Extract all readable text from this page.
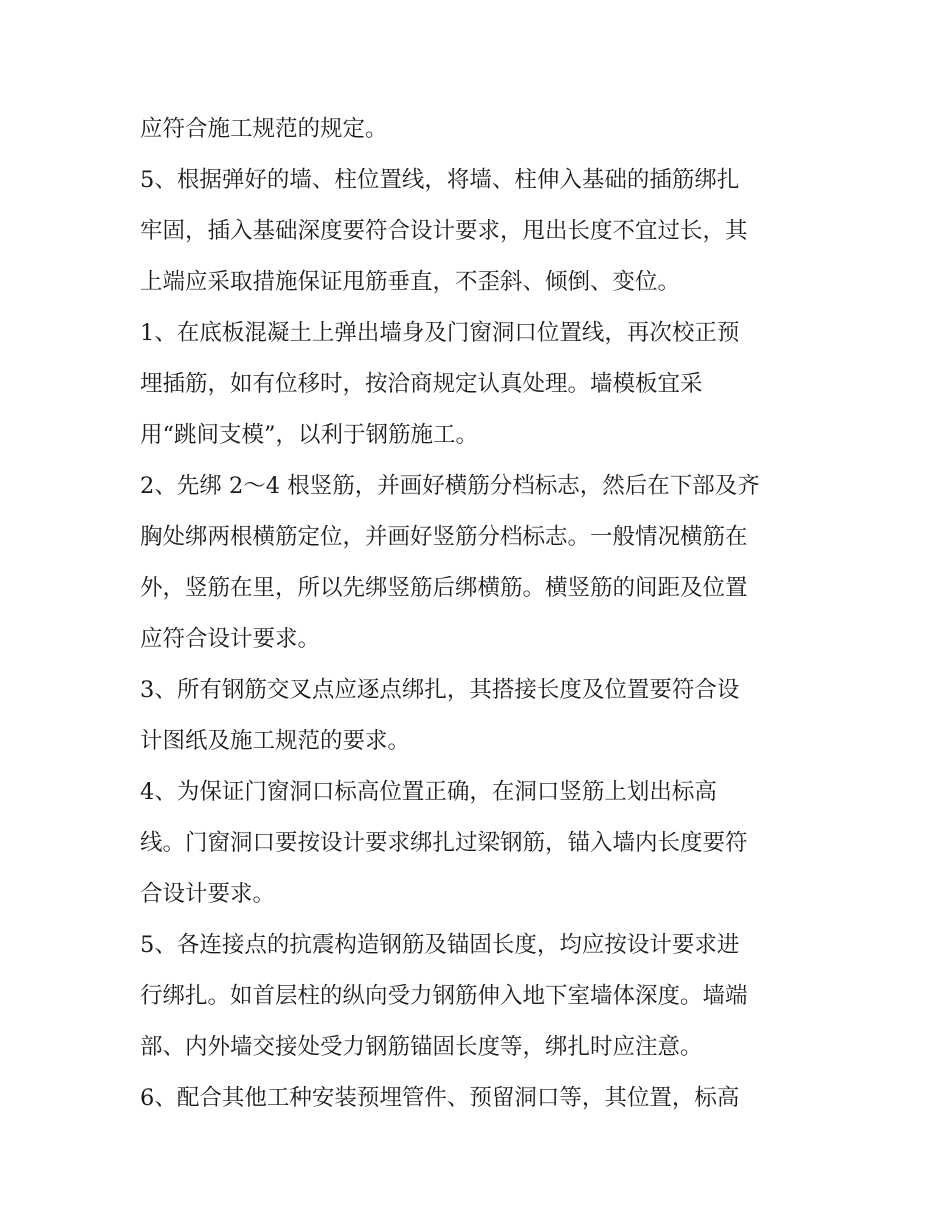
应符合施工规范的规定。

5、根据弹好的墙、柱位置线，将墙、柱伸入基础的插筋绑扎

牢固，插入基础深度要符合设计要求，甩出长度不宜过长，其

上端应采取措施保证甩筋垂直，不歪斜、倾倒、变位。

1、在底板混凝土上弹出墙身及门窗洞口位置线，再次校正预

埋插筋，如有位移时，按洽商规定认真处理。墙模板宜采

用“跳间支模”，以利于钢筋施工。

2、先绑 2～4 根竖筋，并画好横筋分档标志，然后在下部及齐

胸处绑两根横筋定位，并画好竖筋分档标志。一般情况横筋在

外，竖筋在里，所以先绑竖筋后绑横筋。横竖筋的间距及位置

应符合设计要求。

3、所有钢筋交叉点应逐点绑扎，其搭接长度及位置要符合设

计图纸及施工规范的要求。

4、为保证门窗洞口标高位置正确，在洞口竖筋上划出标高

线。门窗洞口要按设计要求绑扎过梁钢筋，锚入墙内长度要符

合设计要求。

5、各连接点的抗震构造钢筋及锚固长度，均应按设计要求进

行绑扎。如首层柱的纵向受力钢筋伸入地下室墙体深度。墙端

部、内外墙交接处受力钢筋锚固长度等，绑扎时应注意。

6、配合其他工种安装预埋管件、预留洞口等，其位置，标高
